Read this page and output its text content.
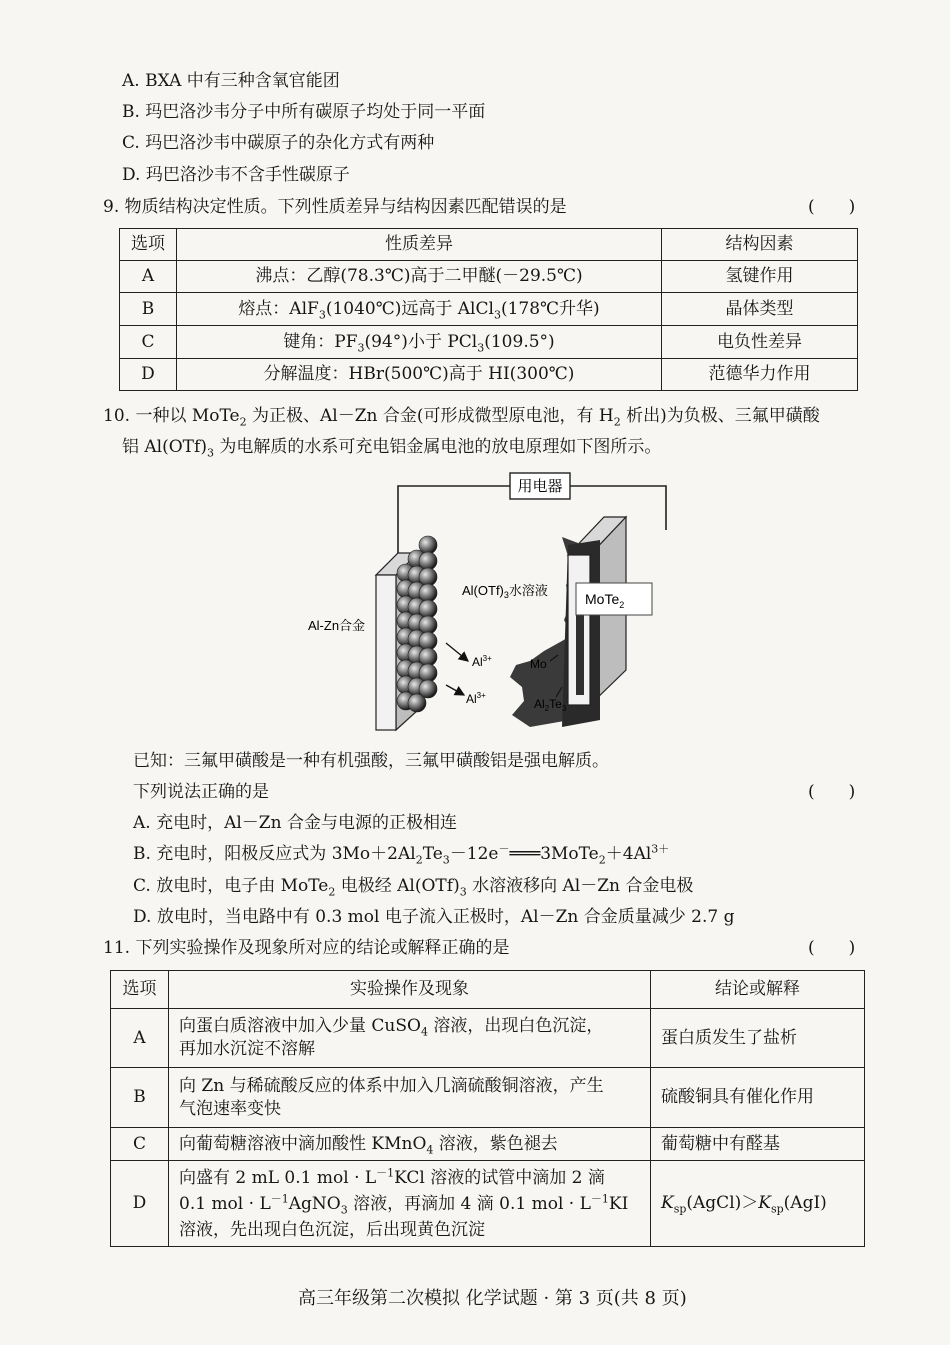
A. BXA 中有三种含氧官能团
B. 玛巴洛沙韦分子中所有碳原子均处于同一平面
C. 玛巴洛沙韦中碳原子的杂化方式有两种
D. 玛巴洛沙韦不含手性碳原子
9. 物质结构决定性质。下列性质差异与结构因素匹配错误的是	(　　)
选项	性质差异	结构因素
A	沸点：乙醇(78.3℃)高于二甲醚(－29.5℃)	氢键作用
B	熔点：AlF$_3$(1040℃)远高于 AlCl$_3$(178℃升华)	晶体类型
C	键角：$PF_3(94^\circ)$小于 PCl$_3$(109.5°)	电负性差异
D	分解温度：HBr(500℃)高于 HI(300℃)	范德华力作用
10. 一种以 MoTe$_2$ 为正极、Al－Zn 合金(可形成微型原电池，有 $H_2$ 析出)为负极、三氟甲磺酸
铝 $Al(OTf)_3$ 为电解质的水系可充电铝金属电池的放电原理如下图所示。
用电器
MoTe$_2$
Al-Zn合金
$Al(OTf)_3$水溶液
$Al^{3+}$
$Al^{3+}$
Mo
$Al_2Te_3$
已知：三氟甲磺酸是一种有机强酸，三氟甲磺酸铝是强电解质。
下列说法正确的是	(　　)
A. 充电时，Al－Zn 合金与电源的正极相连
B. 充电时，阳极反应式为 $3Mo+2Al_2Te_3-12e^-═══3MoTe_2+4Al^{3+}$
C. 放电时，电子由 MoTe$_2$ 电极经 $Al(OTf)_3$ 水溶液移向 Al－Zn 合金电极
D. 放电时，当电路中有 0.3 mol 电子流入正极时，Al－Zn 合金质量减少 2.7 g
11. 下列实验操作及现象所对应的结论或解释正确的是	(　　)
选项	实验操作及现象	结论或解释
A	向蛋白质溶液中加入少量 CuSO$_4$ 溶液，出现白色沉淀，
再加水沉淀不溶解	蛋白质发生了盐析
B	向 Zn 与稀硫酸反应的体系中加入几滴硫酸铜溶液，产生
气泡速率变快	硫酸铜具有催化作用
C	向葡萄糖溶液中滴加酸性 KMnO$_4$ 溶液，紫色褪去	葡萄糖中有醛基
D	向盛有 2 mL 0.1 mol · $L^{-1}KCl$ 溶液的试管中滴加 2 滴
0.1 mol · $L^{-1}AgNO_3$ 溶液，再滴加 4 滴 0.1 mol · $L^{-1}KI$
溶液，先出现白色沉淀，后出现黄色沉淀	$K_{sp}(AgCl)>K_{sp}(AgI)$
高三年级第二次模拟 化学试题 · 第 3 页(共 8 页)
